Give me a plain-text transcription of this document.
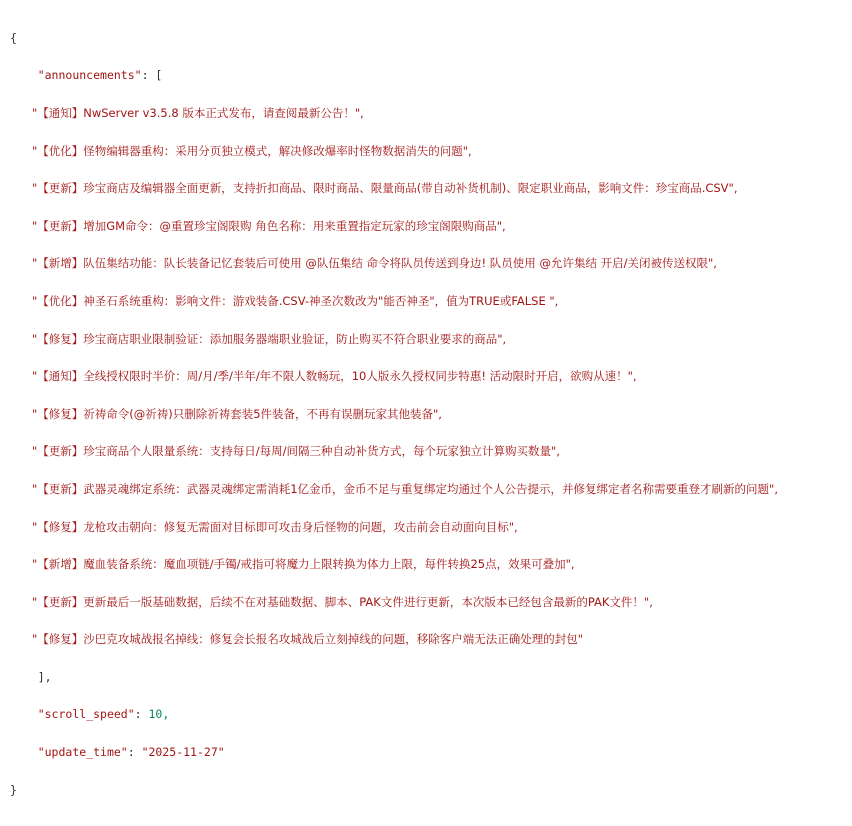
{

"announcements": [

"【通知】NwServer v3.5.8 版本正式发布，请查阅最新公告！",

"【优化】怪物编辑器重构：采用分页独立模式，解决修改爆率时怪物数据消失的问题",

"【更新】珍宝商店及编辑器全面更新，支持折扣商品、限时商品、限量商品(带自动补货机制)、限定职业商品，影响文件：珍宝商品.CSV",

"【更新】增加GM命令：@重置珍宝阁限购 角色名称：用来重置指定玩家的珍宝阁限购商品",

"【新增】队伍集结功能：队长装备记忆套装后可使用 @队伍集结 命令将队员传送到身边! 队员使用 @允许集结 开启/关闭被传送权限",

"【优化】神圣石系统重构：影响文件：游戏装备.CSV-神圣次数改为"能否神圣"，值为TRUE或FALSE ",

"【修复】珍宝商店职业限制验证：添加服务器端职业验证，防止购买不符合职业要求的商品",

"【通知】全线授权限时半价：周/月/季/半年/年不限人数畅玩，10人版永久授权同步特惠! 活动限时开启，欲购从速！",

"【修复】祈祷命令(@祈祷)只删除祈祷套装5件装备，不再有误删玩家其他装备",

"【更新】珍宝商品个人限量系统：支持每日/每周/间隔三种自动补货方式，每个玩家独立计算购买数量",

"【更新】武器灵魂绑定系统：武器灵魂绑定需消耗1亿金币，金币不足与重复绑定均通过个人公告提示，并修复绑定者名称需要重登才刷新的问题",

"【修复】龙枪攻击朝向：修复无需面对目标即可攻击身后怪物的问题，攻击前会自动面向目标",

"【新增】魔血装备系统：魔血项链/手镯/戒指可将魔力上限转换为体力上限，每件转换25点，效果可叠加",

"【更新】更新最后一版基础数据，后续不在对基础数据、脚本、PAK文件进行更新，本次版本已经包含最新的PAK文件！",

"【修复】沙巴克攻城战报名掉线：修复会长报名攻城战后立刻掉线的问题，移除客户端无法正确处理的封包"

],

"scroll_speed": 10,

"update_time": "2025-11-27"

}
